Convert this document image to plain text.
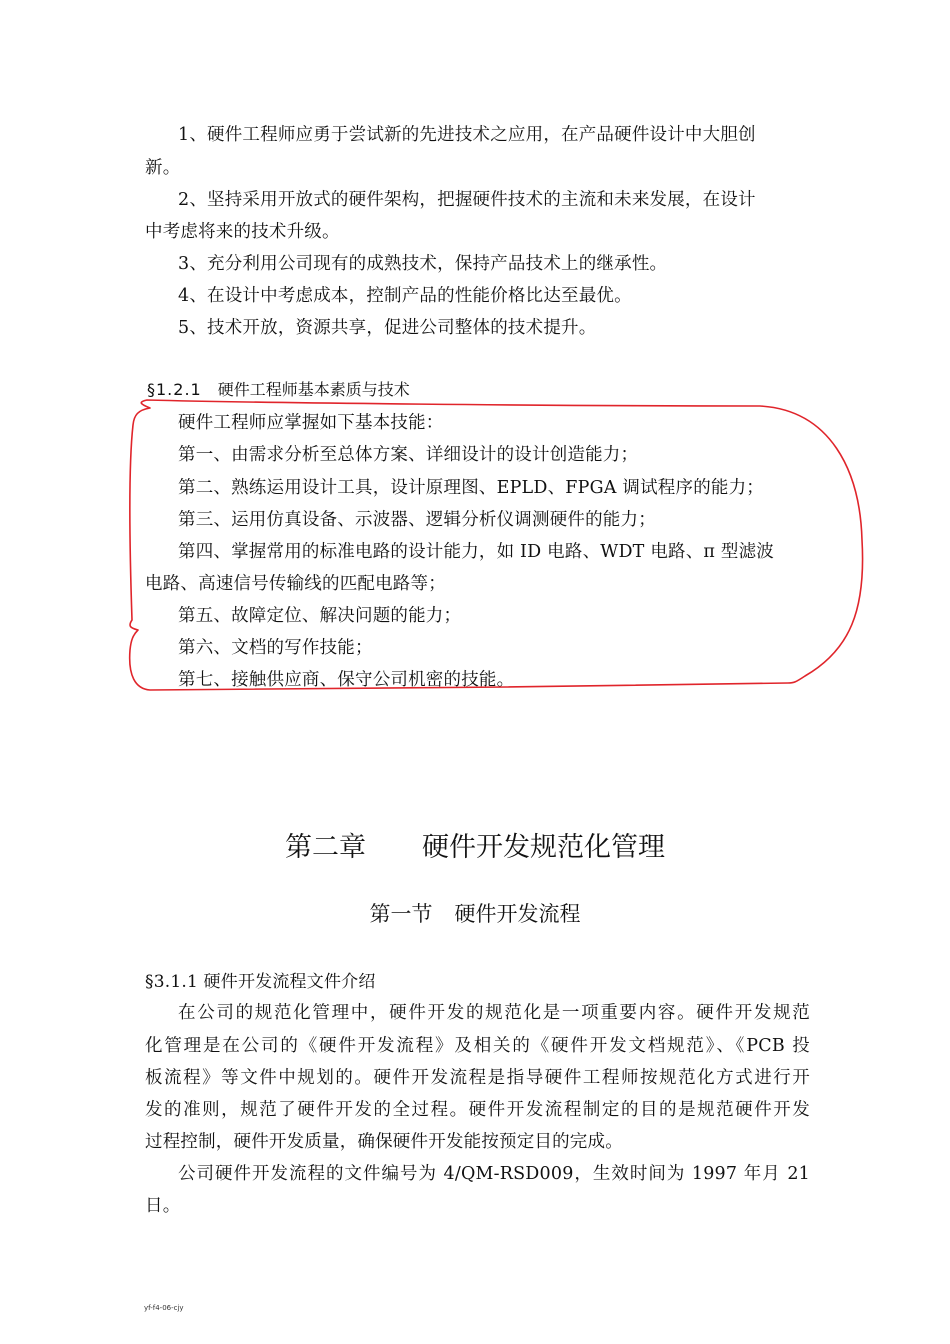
1、硬件工程师应勇于尝试新的先进技术之应用，在产品硬件设计中大胆创
新。
2、坚持采用开放式的硬件架构，把握硬件技术的主流和未来发展，在设计
中考虑将来的技术升级。
3、充分利用公司现有的成熟技术，保持产品技术上的继承性。
4、在设计中考虑成本，控制产品的性能价格比达至最优。
5、技术开放，资源共享，促进公司整体的技术提升。
§1.2.1 硬件工程师基本素质与技术
硬件工程师应掌握如下基本技能：
第一、由需求分析至总体方案、详细设计的设计创造能力；
第二、熟练运用设计工具，设计原理图、EPLD、FPGA 调试程序的能力；
第三、运用仿真设备、示波器、逻辑分析仪调测硬件的能力；
第四、掌握常用的标准电路的设计能力，如 ID 电路、WDT 电路、π 型滤波
电路、高速信号传输线的匹配电路等；
第五、故障定位、解决问题的能力；
第六、文档的写作技能；
第七、接触供应商、保守公司机密的技能。
第二章 硬件开发规范化管理
第一节 硬件开发流程
§3.1.1 硬件开发流程文件介绍
在公司的规范化管理中，硬件开发的规范化是一项重要内容。硬件开发规范
化管理是在公司的《硬件开发流程》及相关的《硬件开发文档规范》、《PCB 投
板流程》等文件中规划的。硬件开发流程是指导硬件工程师按规范化方式进行开
发的准则，规范了硬件开发的全过程。硬件开发流程制定的目的是规范硬件开发
过程控制，硬件开发质量，确保硬件开发能按预定目的完成。
公司硬件开发流程的文件编号为 4/QM-RSD009，生效时间为 1997 年月 21
日。
yf-f4-06-cjy
